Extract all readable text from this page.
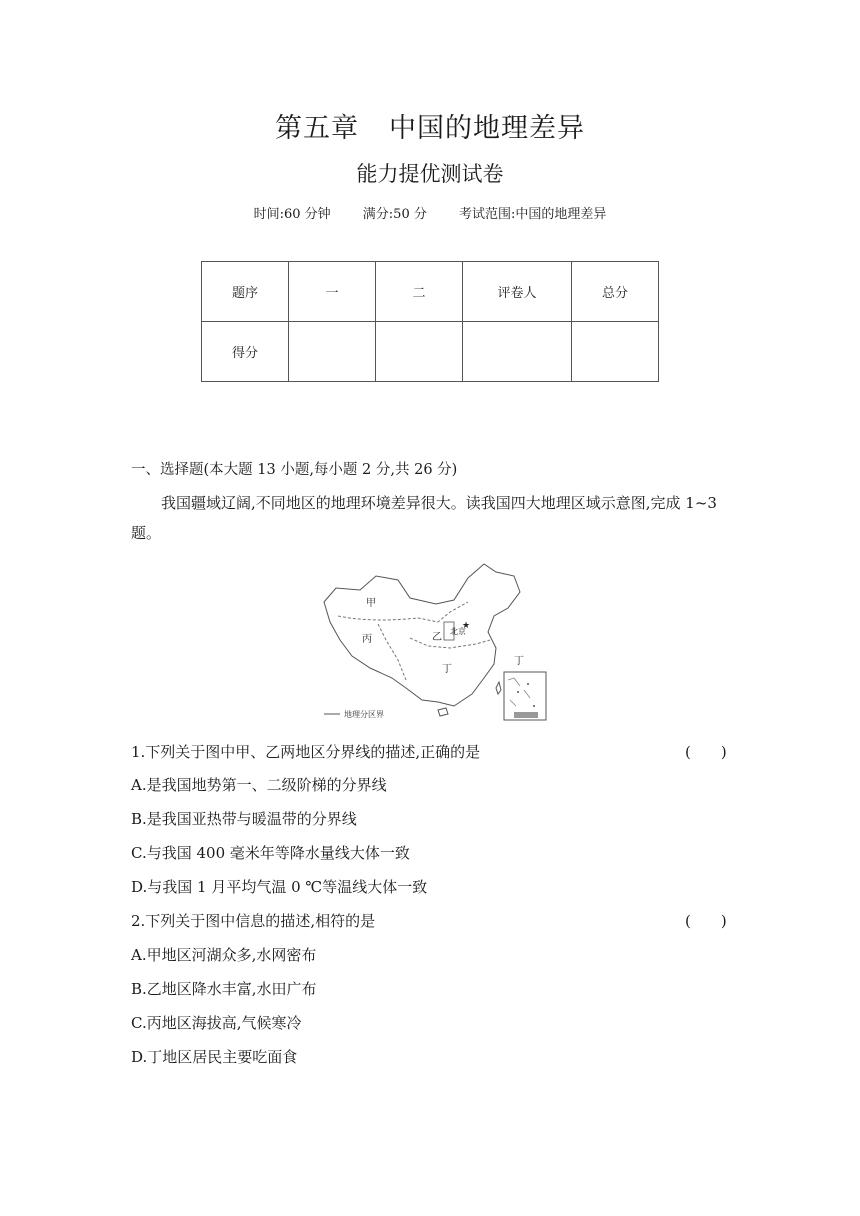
第五章 中国的地理差异
能力提优测试卷
时间:60 分钟 满分:50 分 考试范围:中国的地理差异
题序	一	二	评卷人	总分
得分				
一、选择题(本大题 13 小题,每小题 2 分,共 26 分)
我国疆域辽阔,不同地区的地理环境差异很大。读我国四大地理区域示意图,完成 1~3 题。
甲
丙	乙
丁
北京
★
丁
地理分区界
1.下列关于图中甲、乙两地区分界线的描述,正确的是	(　　)
A.是我国地势第一、二级阶梯的分界线
B.是我国亚热带与暖温带的分界线
C.与我国 400 毫米年等降水量线大体一致
D.与我国 1 月平均气温 0 ℃等温线大体一致
2.下列关于图中信息的描述,相符的是	(　　)
A.甲地区河湖众多,水网密布
B.乙地区降水丰富,水田广布
C.丙地区海拔高,气候寒冷
D.丁地区居民主要吃面食
